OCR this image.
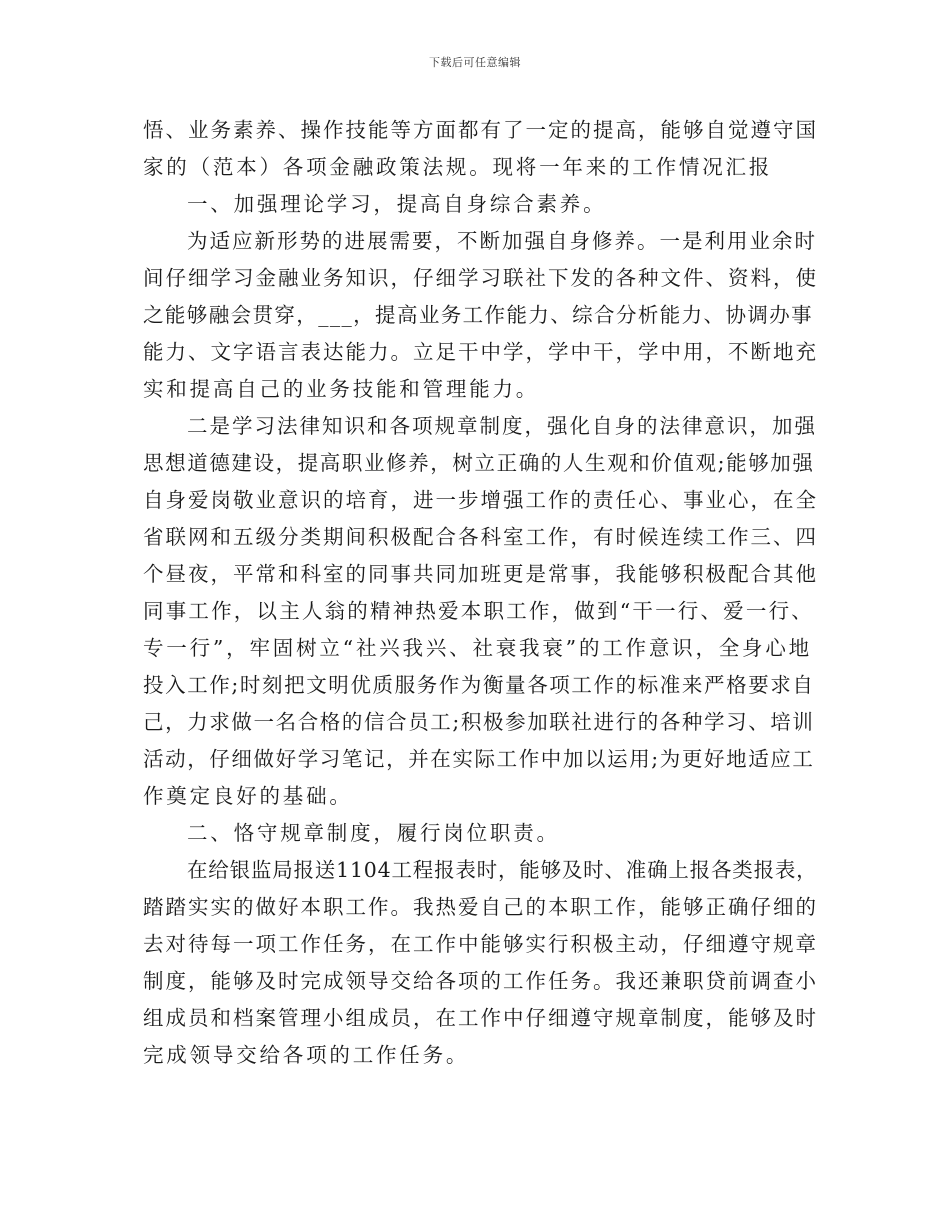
下载后可任意编辑

悟、业务素养、操作技能等方面都有了一定的提高，能够自觉遵守国

家的（范本）各项金融政策法规。现将一年来的工作情况汇报

一、加强理论学习，提高自身综合素养。

为适应新形势的进展需要，不断加强自身修养。一是利用业余时

间仔细学习金融业务知识，仔细学习联社下发的各种文件、资料，使

之能够融会贯穿，___，提高业务工作能力、综合分析能力、协调办事

能力、文字语言表达能力。立足干中学，学中干，学中用，不断地充

实和提高自己的业务技能和管理能力。

二是学习法律知识和各项规章制度，强化自身的法律意识，加强

思想道德建设，提高职业修养，树立正确的人生观和价值观;能够加强

自身爱岗敬业意识的培育，进一步增强工作的责任心、事业心，在全

省联网和五级分类期间积极配合各科室工作，有时候连续工作三、四

个昼夜，平常和科室的同事共同加班更是常事，我能够积极配合其他

同事工作，以主人翁的精神热爱本职工作，做到“干一行、爱一行、

专一行”，牢固树立“社兴我兴、社衰我衰”的工作意识，全身心地

投入工作;时刻把文明优质服务作为衡量各项工作的标准来严格要求自

己，力求做一名合格的信合员工;积极参加联社进行的各种学习、培训

活动，仔细做好学习笔记，并在实际工作中加以运用;为更好地适应工

作奠定良好的基础。

二、恪守规章制度，履行岗位职责。

在给银监局报送1104工程报表时，能够及时、准确上报各类报表，

踏踏实实的做好本职工作。我热爱自己的本职工作，能够正确仔细的

去对待每一项工作任务，在工作中能够实行积极主动，仔细遵守规章

制度，能够及时完成领导交给各项的工作任务。我还兼职贷前调查小

组成员和档案管理小组成员，在工作中仔细遵守规章制度，能够及时

完成领导交给各项的工作任务。
